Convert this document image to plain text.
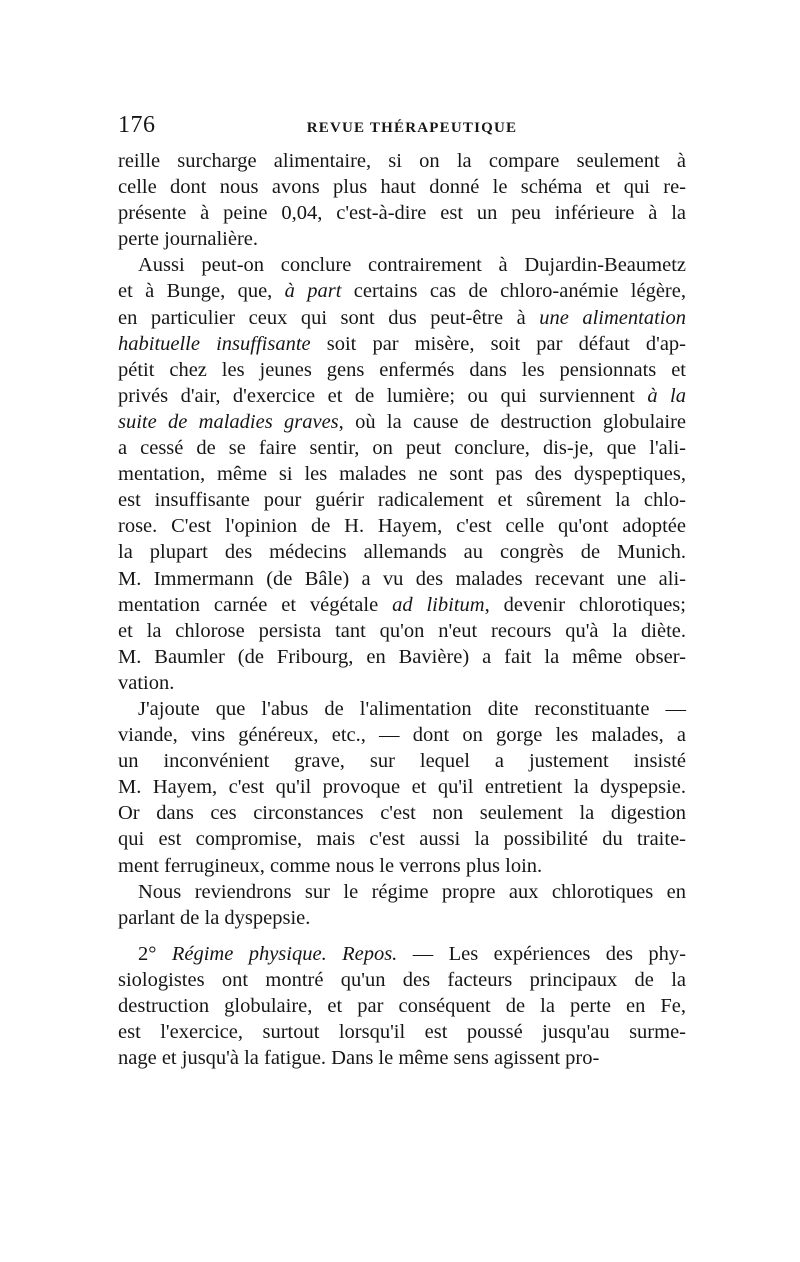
176	REVUE THÉRAPEUTIQUE

reille surcharge alimentaire, si on la compare seulement à
celle dont nous avons plus haut donné le schéma et qui re-
présente à peine 0,04, c'est-à-dire est un peu inférieure à la
perte journalière.

Aussi peut-on conclure contrairement à Dujardin-Beaumetz
et à Bunge, que, à part certains cas de chloro-anémie légère,
en particulier ceux qui sont dus peut-être à une alimentation
habituelle insuffisante soit par misère, soit par défaut d'ap-
pétit chez les jeunes gens enfermés dans les pensionnats et
privés d'air, d'exercice et de lumière; ou qui surviennent à la
suite de maladies graves, où la cause de destruction globulaire
a cessé de se faire sentir, on peut conclure, dis-je, que l'ali-
mentation, même si les malades ne sont pas des dyspeptiques,
est insuffisante pour guérir radicalement et sûrement la chlo-
rose. C'est l'opinion de H. Hayem, c'est celle qu'ont adoptée
la plupart des médecins allemands au congrès de Munich.
M. Immermann (de Bâle) a vu des malades recevant une ali-
mentation carnée et végétale ad libitum, devenir chlorotiques;
et la chlorose persista tant qu'on n'eut recours qu'à la diète.
M. Baumler (de Fribourg, en Bavière) a fait la même obser-
vation.

J'ajoute que l'abus de l'alimentation dite reconstituante —
viande, vins généreux, etc., — dont on gorge les malades, a
un inconvénient grave, sur lequel a justement insisté
M. Hayem, c'est qu'il provoque et qu'il entretient la dyspepsie.
Or dans ces circonstances c'est non seulement la digestion
qui est compromise, mais c'est aussi la possibilité du traite-
ment ferrugineux, comme nous le verrons plus loin.

Nous reviendrons sur le régime propre aux chlorotiques en
parlant de la dyspepsie.

2° Régime physique. Repos. — Les expériences des phy-
siologistes ont montré qu'un des facteurs principaux de la
destruction globulaire, et par conséquent de la perte en Fe,
est l'exercice, surtout lorsqu'il est poussé jusqu'au surme-
nage et jusqu'à la fatigue. Dans le même sens agissent pro-
